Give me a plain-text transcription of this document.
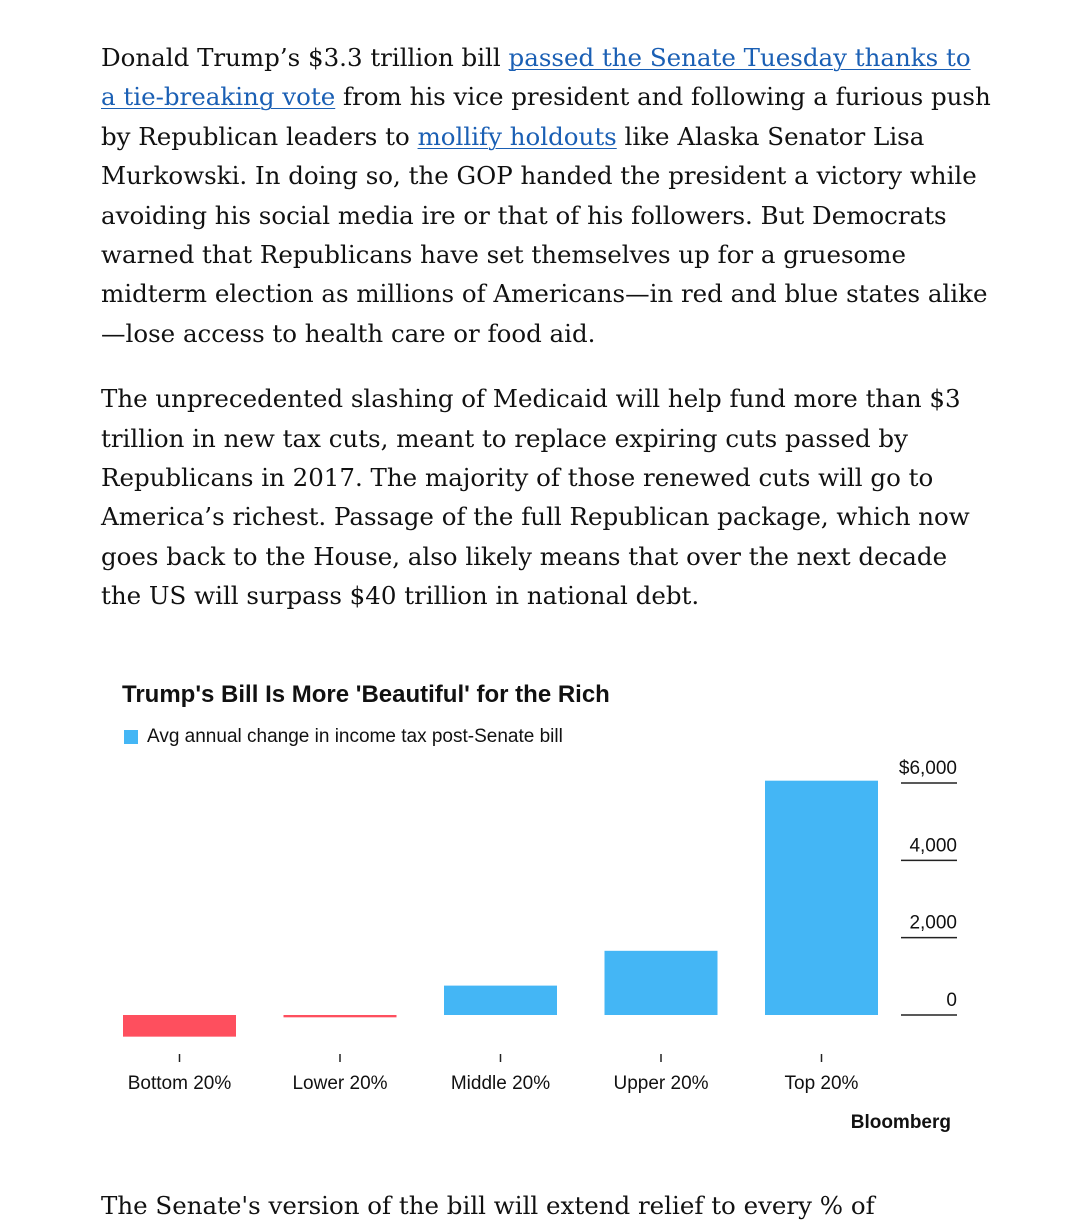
Donald Trump’s $3.3 trillion bill passed the Senate Tuesday thanks to a tie-breaking vote from his vice president and following a furious push by Republican leaders to mollify holdouts like Alaska Senator Lisa Murkowski. In doing so, the GOP handed the president a victory while avoiding his social media ire or that of his followers. But Democrats warned that Republicans have set themselves up for a gruesome midterm election as millions of Americans—in red and blue states alike—lose access to health care or food aid.

The unprecedented slashing of Medicaid will help fund more than $3 trillion in new tax cuts, meant to replace expiring cuts passed by Republicans in 2017. The majority of those renewed cuts will go to America’s richest. Passage of the full Republican package, which now goes back to the House, also likely means that over the next decade the US will surpass $40 trillion in national debt.

Trump's Bill Is More 'Beautiful' for the Rich
Avg annual change in income tax post-Senate bill
0
2,000
4,000
$6,000
Bottom 20%	Lower 20%	Middle 20%	Upper 20%	Top 20%
Bloomberg
The Senate's version of the bill will extend relief to every % of
